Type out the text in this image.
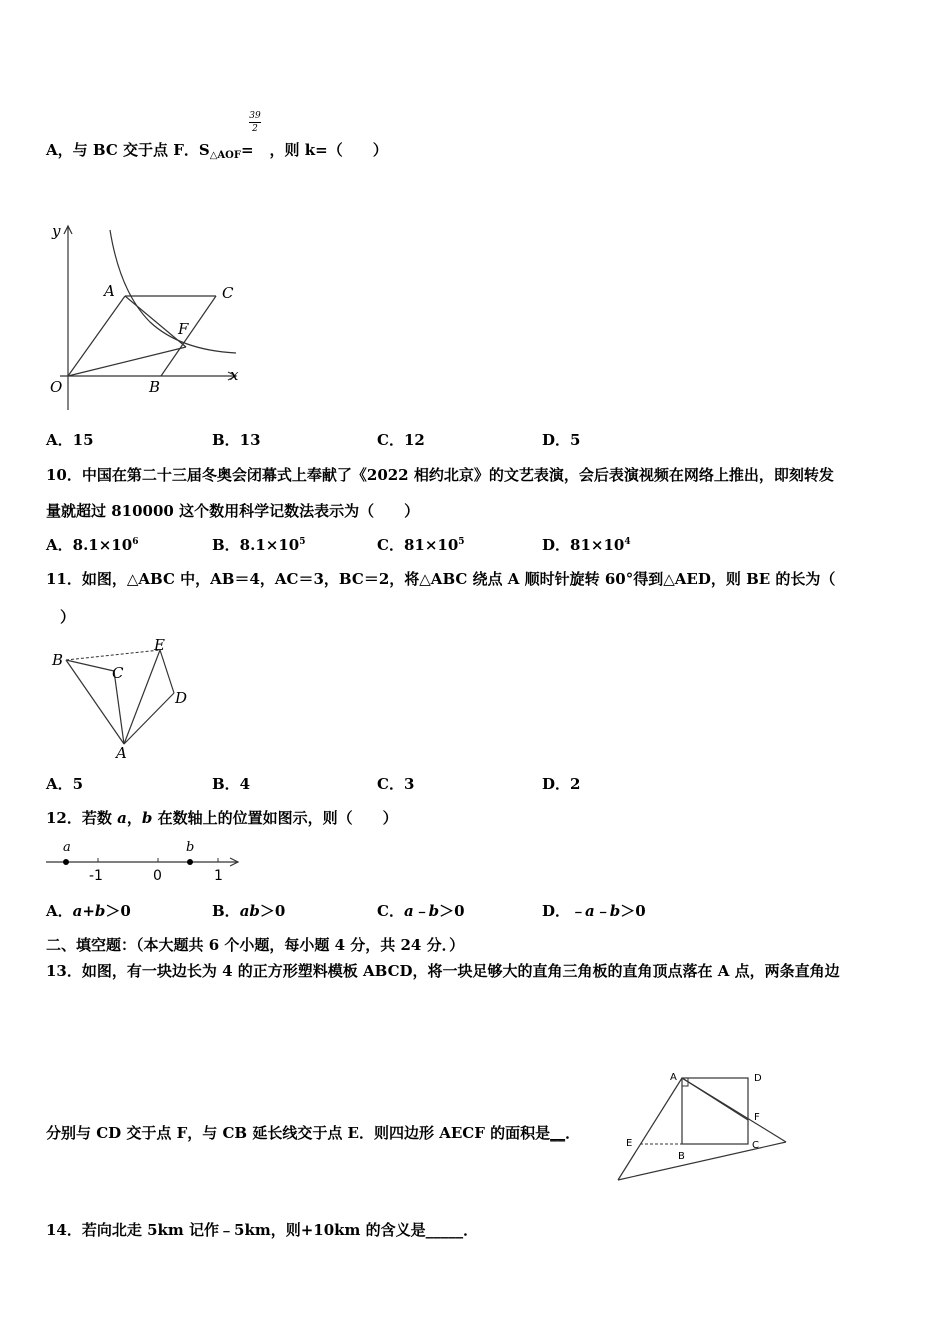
39
2
A，与 BC 交于点 F．$S_{\triangle AOF}=$ ，则 k=（　　）
y
x
O
A
B
C
F
A．15	B．13	C．12	D．5
10．中国在第二十三届冬奥会闭幕式上奉献了《2022 相约北京》的文艺表演，会后表演视频在网络上推出，即刻转发
量就超过 810000 这个数用科学记数法表示为（　　）
A．$8.1\times 10^6$	B．$8.1\times 10^5$	C．$81\times 10^5$	D．$81\times 10^4$
11．如图，△ABC 中，AB＝4，AC＝3，BC＝2，将△ABC 绕点 A 顺时针旋转 60°得到△AED，则 BE 的长为（
）
B
C
E
D
A
A．5	B．4	C．3	D．2
12．若数 a，b 在数轴上的位置如图示，则（　　）
a	b
-1	0	1
A．a+b＞0	B．ab＞0	C．a﹣b＞0	D．﹣a﹣b＞0
二、填空题：（本大题共 6 个小题，每小题 4 分，共 24 分．）
13．如图，有一块边长为 4 的正方形塑料模板 ABCD，将一块足够大的直角三角板的直角顶点落在 A 点，两条直角边
分别与 CD 交于点 F，与 CB 延长线交于点 E．则四边形 AECF 的面积是__．
A	D
F
E
B
C
14．若向北走 5km 记作﹣5km，则+10km 的含义是_____．
